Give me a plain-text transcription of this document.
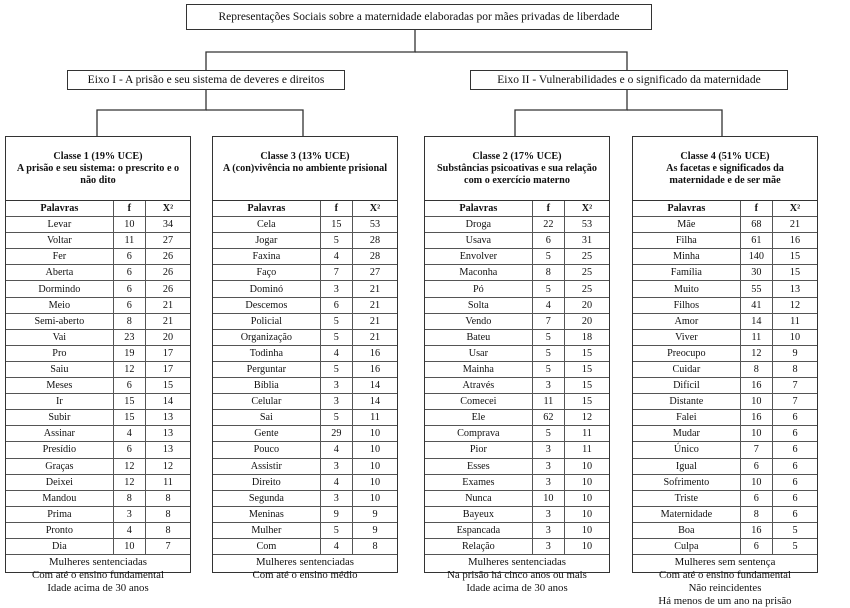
Representações Sociais sobre a maternidade elaboradas por mães privadas de liberdade
Eixo I - A prisão e seu sistema de deveres e direitos	Eixo II - Vulnerabilidades e o significado da maternidade
Classe 1 (19% UCE)
A prisão e seu sistema: o prescrito e o não dito
Palavras	f	X²
Levar	10	34
Voltar	11	27
Fer	6	26
Aberta	6	26
Dormindo	6	26
Meio	6	21
Semi-aberto	8	21
Vai	23	20
Pro	19	17
Saiu	12	17
Meses	6	15
Ir	15	14
Subir	15	13
Assinar	4	13
Presídio	6	13
Graças	12	12
Deixei	12	11
Mandou	8	8
Prima	3	8
Pronto	4	8
Dia	10	7
Mulheres sentenciadas
Com até o ensino fundamental
Idade acima de 30 anos
Classe 3 (13% UCE)
A (con)vivência no ambiente prisional
Palavras	f	X²
Cela	15	53
Jogar	5	28
Faxina	4	28
Faço	7	27
Dominó	3	21
Descemos	6	21
Policial	5	21
Organização	5	21
Todinha	4	16
Perguntar	5	16
Bíblia	3	14
Celular	3	14
Sai	5	11
Gente	29	10
Pouco	4	10
Assistir	3	10
Direito	4	10
Segunda	3	10
Meninas	9	9
Mulher	5	9
Com	4	8
Mulheres sentenciadas
Com até o ensino médio
Classe 2 (17% UCE)
Substâncias psicoativas e sua relação com o exercício materno
Palavras	f	X²
Droga	22	53
Usava	6	31
Envolver	5	25
Maconha	8	25
Pó	5	25
Solta	4	20
Vendo	7	20
Bateu	5	18
Usar	5	15
Mainha	5	15
Através	3	15
Comecei	11	15
Ele	62	12
Comprava	5	11
Pior	3	11
Esses	3	10
Exames	3	10
Nunca	10	10
Bayeux	3	10
Espancada	3	10
Relação	3	10
Mulheres sentenciadas
Na prisão há cinco anos ou mais
Idade acima de 30 anos
Classe 4 (51% UCE)
As facetas e significados da maternidade e de ser mãe
Palavras	f	X²
Mãe	68	21
Filha	61	16
Minha	140	15
Família	30	15
Muito	55	13
Filhos	41	12
Amor	14	11
Viver	11	10
Preocupo	12	9
Cuidar	8	8
Difícil	16	7
Distante	10	7
Falei	16	6
Mudar	10	6
Único	7	6
Igual	6	6
Sofrimento	10	6
Triste	6	6
Maternidade	8	6
Boa	16	5
Culpa	6	5
Mulheres sem sentença
Com até o ensino fundamental
Não reincidentes
Há menos de um ano na prisão
